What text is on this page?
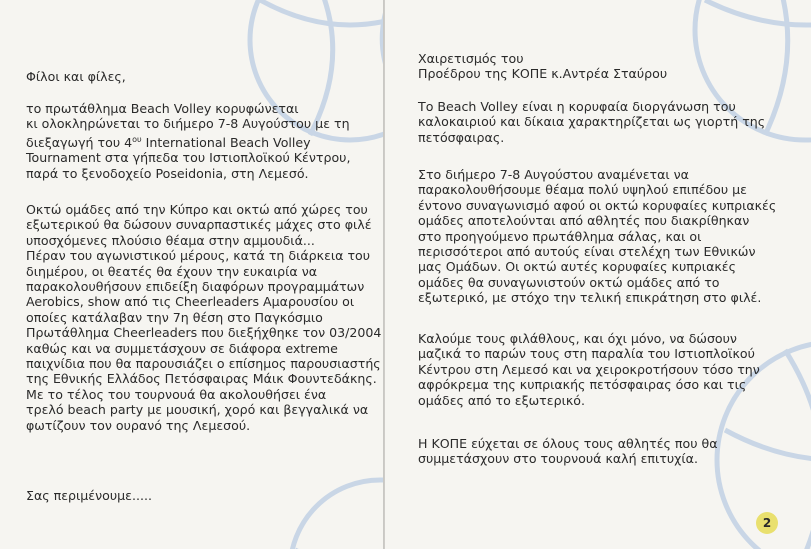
Φίλοι και φίλες,

το πρωτάθλημα Beach Volley κορυφώνεται
κι ολοκληρώνεται το διήμερο 7-8 Αυγούστου με τη
διεξαγωγή του $4^{o\upsilon}$ International Beach Volley
Tournament στα γήπεδα του Ιστιοπλοϊκού Κέντρου,
παρά το ξενοδοχείο Poseidonia, στη Λεμεσό.

Οκτώ ομάδες από την Κύπρο και οκτώ από χώρες του
εξωτερικού θα δώσουν συναρπαστικές μάχες στο φιλέ
υποσχόμενες πλούσιο θέαμα στην αμμουδιά...
Πέραν του αγωνιστικού μέρους, κατά τη διάρκεια του
διημέρου, οι θεατές θα έχουν την ευκαιρία να
παρακολουθήσουν επιδείξη διαφόρων προγραμμάτων
Aerobics, show από τις Cheerleaders Αμαρουσίου οι
οποίες κατάλαβαν την 7η θέση στο Παγκόσμιο
Πρωτάθλημα Cheerleaders που διεξήχθηκε τον 03/2004
καθώς και να συμμετάσχουν σε διάφορα extreme
παιχνίδια που θα παρουσιάζει ο επίσημος παρουσιαστής
της Εθνικής Ελλάδος Πετόσφαιρας Μάικ Φουντεδάκης.
Με το τέλος του τουρνουά θα ακολουθήσει ένα
τρελό beach party με μουσική, χορό και βεγγαλικά να
φωτίζουν τον ουρανό της Λεμεσού.

Σας περιμένουμε.....

2

Χαιρετισμός του
Προέδρου της ΚΟΠΕ κ.Αντρέα Σταύρου

Το Beach Volley είναι η κορυφαία διοργάνωση του
καλοκαιριού και δίκαια χαρακτηρίζεται ως γιορτή της
πετόσφαιρας.

Στο διήμερο 7-8 Αυγούστου αναμένεται να
παρακολουθήσουμε θέαμα πολύ υψηλού επιπέδου με
έντονο συναγωνισμό αφού οι οκτώ κορυφαίες κυπριακές
ομάδες αποτελούνται από αθλητές που διακρίθηκαν
στο προηγούμενο πρωτάθλημα σάλας, και οι
περισσότεροι από αυτούς είναι στελέχη των Εθνικών
μας Ομάδων. Οι οκτώ αυτές κορυφαίες κυπριακές
ομάδες θα συναγωνιστούν οκτώ ομάδες από το
εξωτερικό, με στόχο την τελική επικράτηση στο φιλέ.

Καλούμε τους φιλάθλους, και όχι μόνο, να δώσουν
μαζικά το παρών τους στη παραλία του Ιστιοπλοϊκού
Κέντρου στη Λεμεσό και να χειροκροτήσουν τόσο την
αφρόκρεμα της κυπριακής πετόσφαιρας όσο και τις
ομάδες από το εξωτερικό.

Η ΚΟΠΕ εύχεται σε όλους τους αθλητές που θα
συμμετάσχουν στο τουρνουά καλή επιτυχία.
